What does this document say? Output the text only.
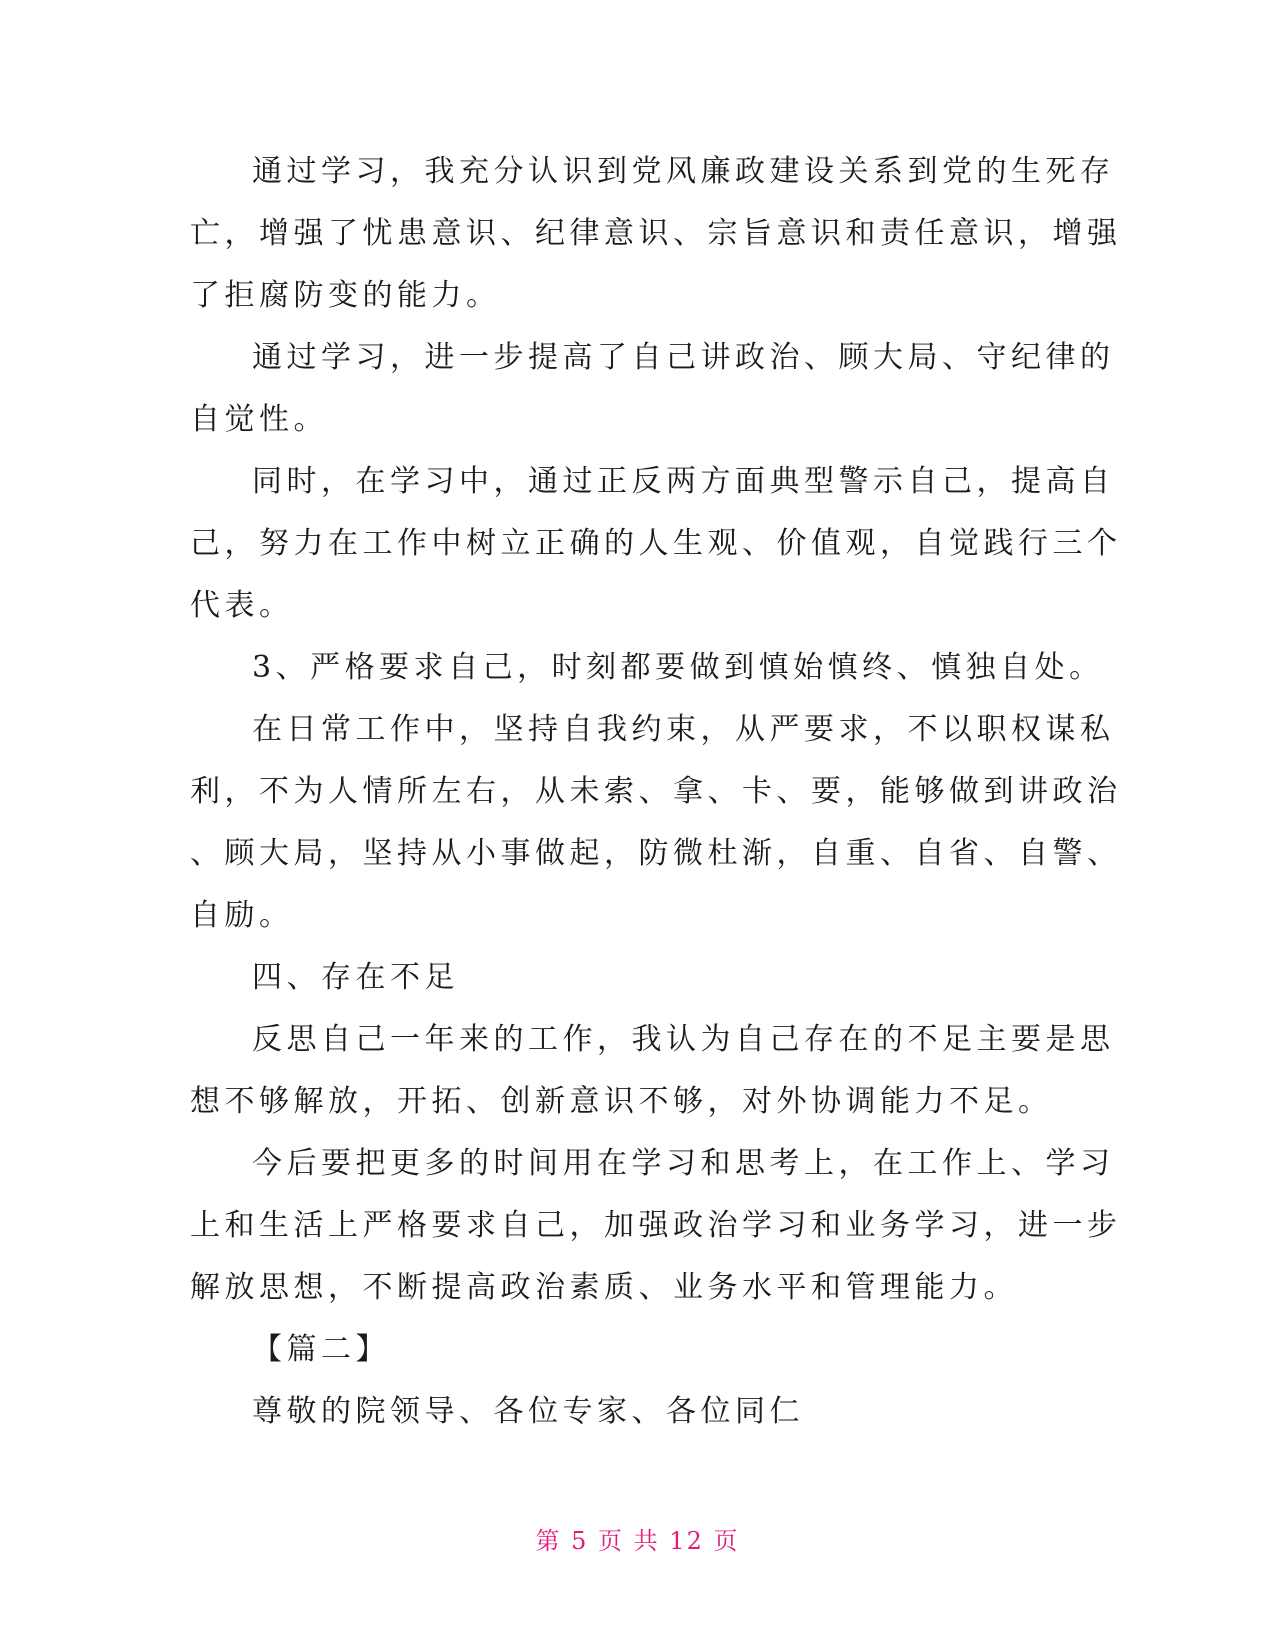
通过学习，我充分认识到党风廉政建设关系到党的生死存
亡，增强了忧患意识、纪律意识、宗旨意识和责任意识，增强
了拒腐防变的能力。
通过学习，进一步提高了自己讲政治、顾大局、守纪律的
自觉性。
同时，在学习中，通过正反两方面典型警示自己，提高自
己，努力在工作中树立正确的人生观、价值观，自觉践行三个
代表。
3、严格要求自己，时刻都要做到慎始慎终、慎独自处。
在日常工作中，坚持自我约束，从严要求，不以职权谋私
利，不为人情所左右，从未索、拿、卡、要，能够做到讲政治
、顾大局，坚持从小事做起，防微杜渐，自重、自省、自警、
自励。
四、存在不足
反思自己一年来的工作，我认为自己存在的不足主要是思
想不够解放，开拓、创新意识不够，对外协调能力不足。
今后要把更多的时间用在学习和思考上，在工作上、学习
上和生活上严格要求自己，加强政治学习和业务学习，进一步
解放思想，不断提高政治素质、业务水平和管理能力。
【篇二】
尊敬的院领导、各位专家、各位同仁
第 5 页 共 12 页
